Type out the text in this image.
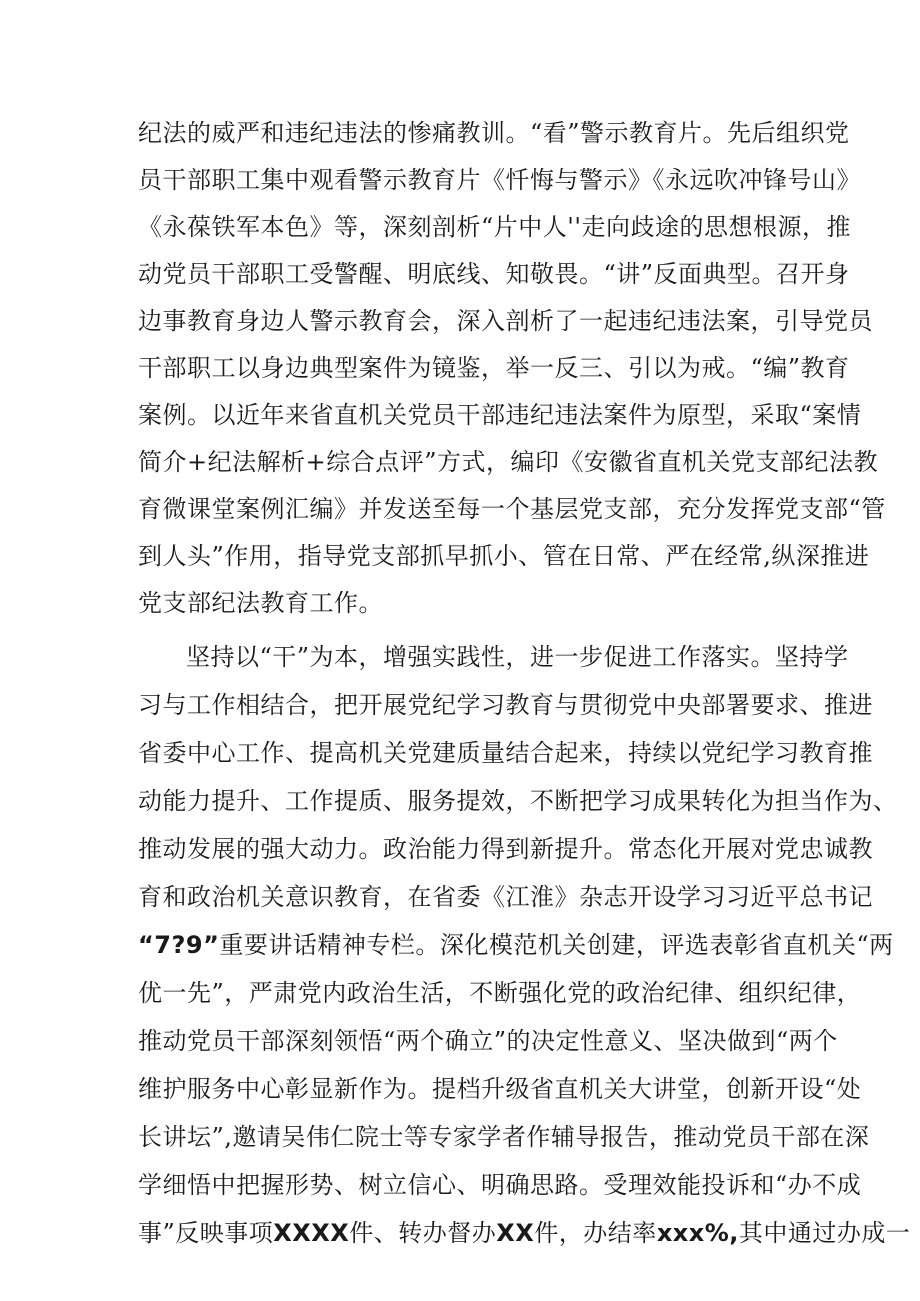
纪法的威严和违纪违法的惨痛教训。“看”警示教育片。先后组织党
员干部职工集中观看警示教育片《忏悔与警示》《永远吹冲锋号山》
《永葆铁军本色》等，深刻剖析“片中人''走向歧途的思想根源，推
动党员干部职工受警醒、明底线、知敬畏。“讲”反面典型。召开身
边事教育身边人警示教育会，深入剖析了一起违纪违法案，引导党员
干部职工以身边典型案件为镜鉴，举一反三、引以为戒。“编”教育
案例。以近年来省直机关党员干部违纪违法案件为原型，采取“案情
简介+纪法解析+综合点评”方式，编印《安徽省直机关党支部纪法教
育微课堂案例汇编》并发送至每一个基层党支部，充分发挥党支部“管
到人头”作用，指导党支部抓早抓小、管在日常、严在经常,纵深推进
党支部纪法教育工作。
坚持以“干”为本，增强实践性，进一步促进工作落实。坚持学
习与工作相结合，把开展党纪学习教育与贯彻党中央部署要求、推进
省委中心工作、提高机关党建质量结合起来，持续以党纪学习教育推
动能力提升、工作提质、服务提效，不断把学习成果转化为担当作为、
推动发展的强大动力。政治能力得到新提升。常态化开展对党忠诚教
育和政治机关意识教育，在省委《江淮》杂志开设学习习近平总书记
“7?9”重要讲话精神专栏。深化模范机关创建，评选表彰省直机关“两
优一先”，严肃党内政治生活，不断强化党的政治纪律、组织纪律，
推动党员干部深刻领悟“两个确立”的决定性意义、坚决做到“两个
维护服务中心彰显新作为。提档升级省直机关大讲堂，创新开设“处
长讲坛”,邀请吴伟仁院士等专家学者作辅导报告，推动党员干部在深
学细悟中把握形势、树立信心、明确思路。受理效能投诉和“办不成
事”反映事项XXXX件、转办督办XX件，办结率xxx%,其中通过办成一
